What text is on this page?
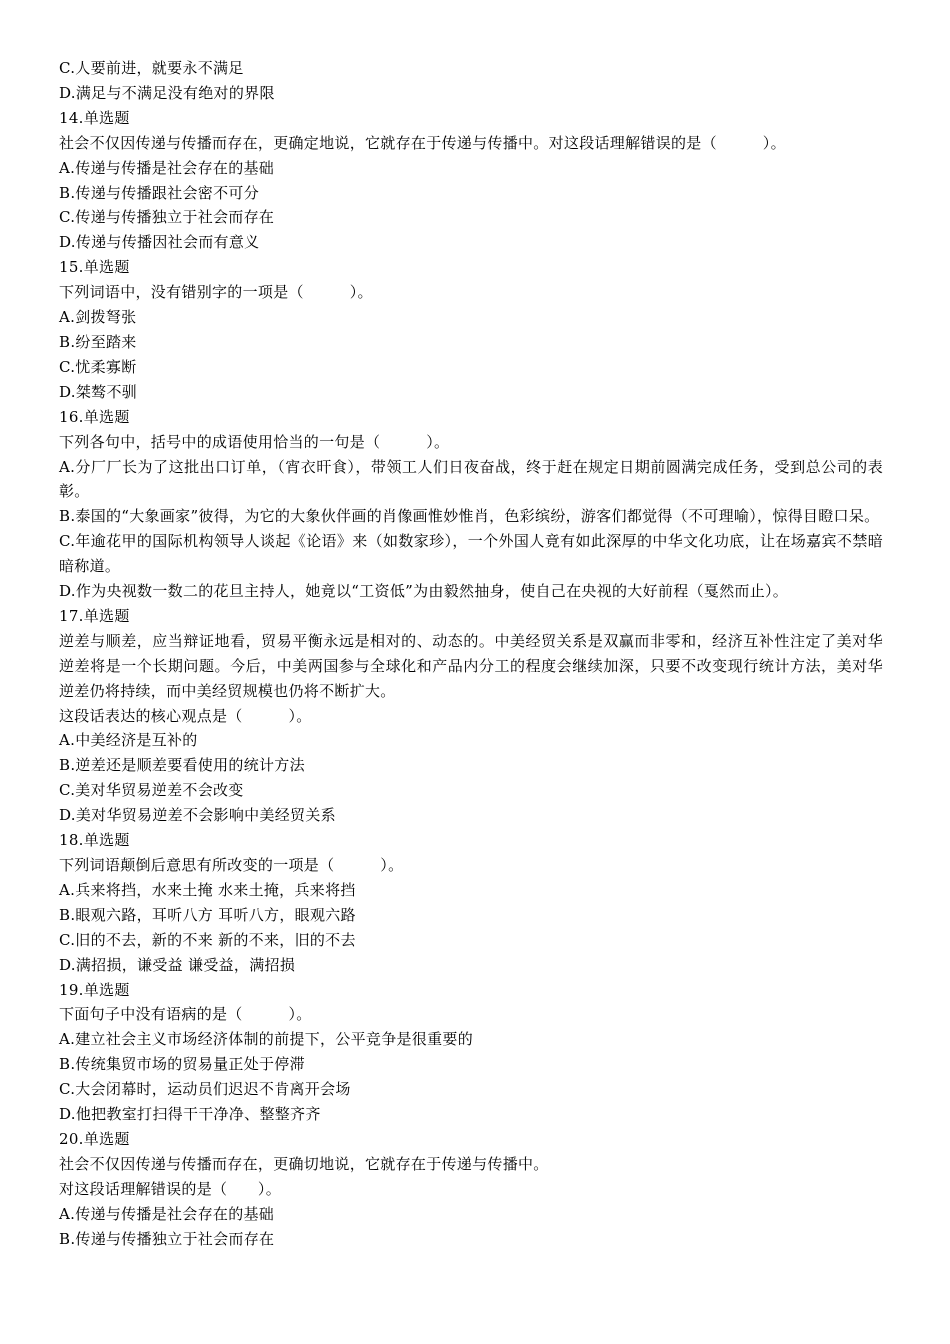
C.人要前进，就要永不满足
D.满足与不满足没有绝对的界限
14.单选题
社会不仅因传递与传播而存在，更确定地说，它就存在于传递与传播中。对这段话理解错误的是（　　　）。
A.传递与传播是社会存在的基础
B.传递与传播跟社会密不可分
C.传递与传播独立于社会而存在
D.传递与传播因社会而有意义
15.单选题
下列词语中，没有错别字的一项是（　　　）。
A.剑拨弩张
B.纷至踏来
C.忧柔寡断
D.桀骜不驯
16.单选题
下列各句中，括号中的成语使用恰当的一句是（　　　）。
A.分厂厂长为了这批出口订单，（宵衣旰食），带领工人们日夜奋战，终于赶在规定日期前圆满完成任务，受到总公司的表彰。
B.泰国的“大象画家”彼得，为它的大象伙伴画的肖像画惟妙惟肖，色彩缤纷，游客们都觉得（不可理喻），惊得目瞪口呆。
C.年逾花甲的国际机构领导人谈起《论语》来（如数家珍），一个外国人竟有如此深厚的中华文化功底，让在场嘉宾不禁暗暗称道。
D.作为央视数一数二的花旦主持人，她竟以“工资低”为由毅然抽身，使自己在央视的大好前程（戛然而止）。
17.单选题
逆差与顺差，应当辩证地看，贸易平衡永远是相对的、动态的。中美经贸关系是双赢而非零和，经济互补性注定了美对华逆差将是一个长期问题。今后，中美两国参与全球化和产品内分工的程度会继续加深，只要不改变现行统计方法，美对华逆差仍将持续，而中美经贸规模也仍将不断扩大。
这段话表达的核心观点是（　　　）。
A.中美经济是互补的
B.逆差还是顺差要看使用的统计方法
C.美对华贸易逆差不会改变
D.美对华贸易逆差不会影响中美经贸关系
18.单选题
下列词语颠倒后意思有所改变的一项是（　　　）。
A.兵来将挡，水来土掩 水来土掩，兵来将挡
B.眼观六路，耳听八方 耳听八方，眼观六路
C.旧的不去，新的不来 新的不来，旧的不去
D.满招损，谦受益 谦受益，满招损
19.单选题
下面句子中没有语病的是（　　　）。
A.建立社会主义市场经济体制的前提下，公平竞争是很重要的
B.传统集贸市场的贸易量正处于停滞
C.大会闭幕时，运动员们迟迟不肯离开会场
D.他把教室打扫得干干净净、整整齐齐
20.单选题
社会不仅因传递与传播而存在，更确切地说，它就存在于传递与传播中。
对这段话理解错误的是（　　）。
A.传递与传播是社会存在的基础
B.传递与传播独立于社会而存在
